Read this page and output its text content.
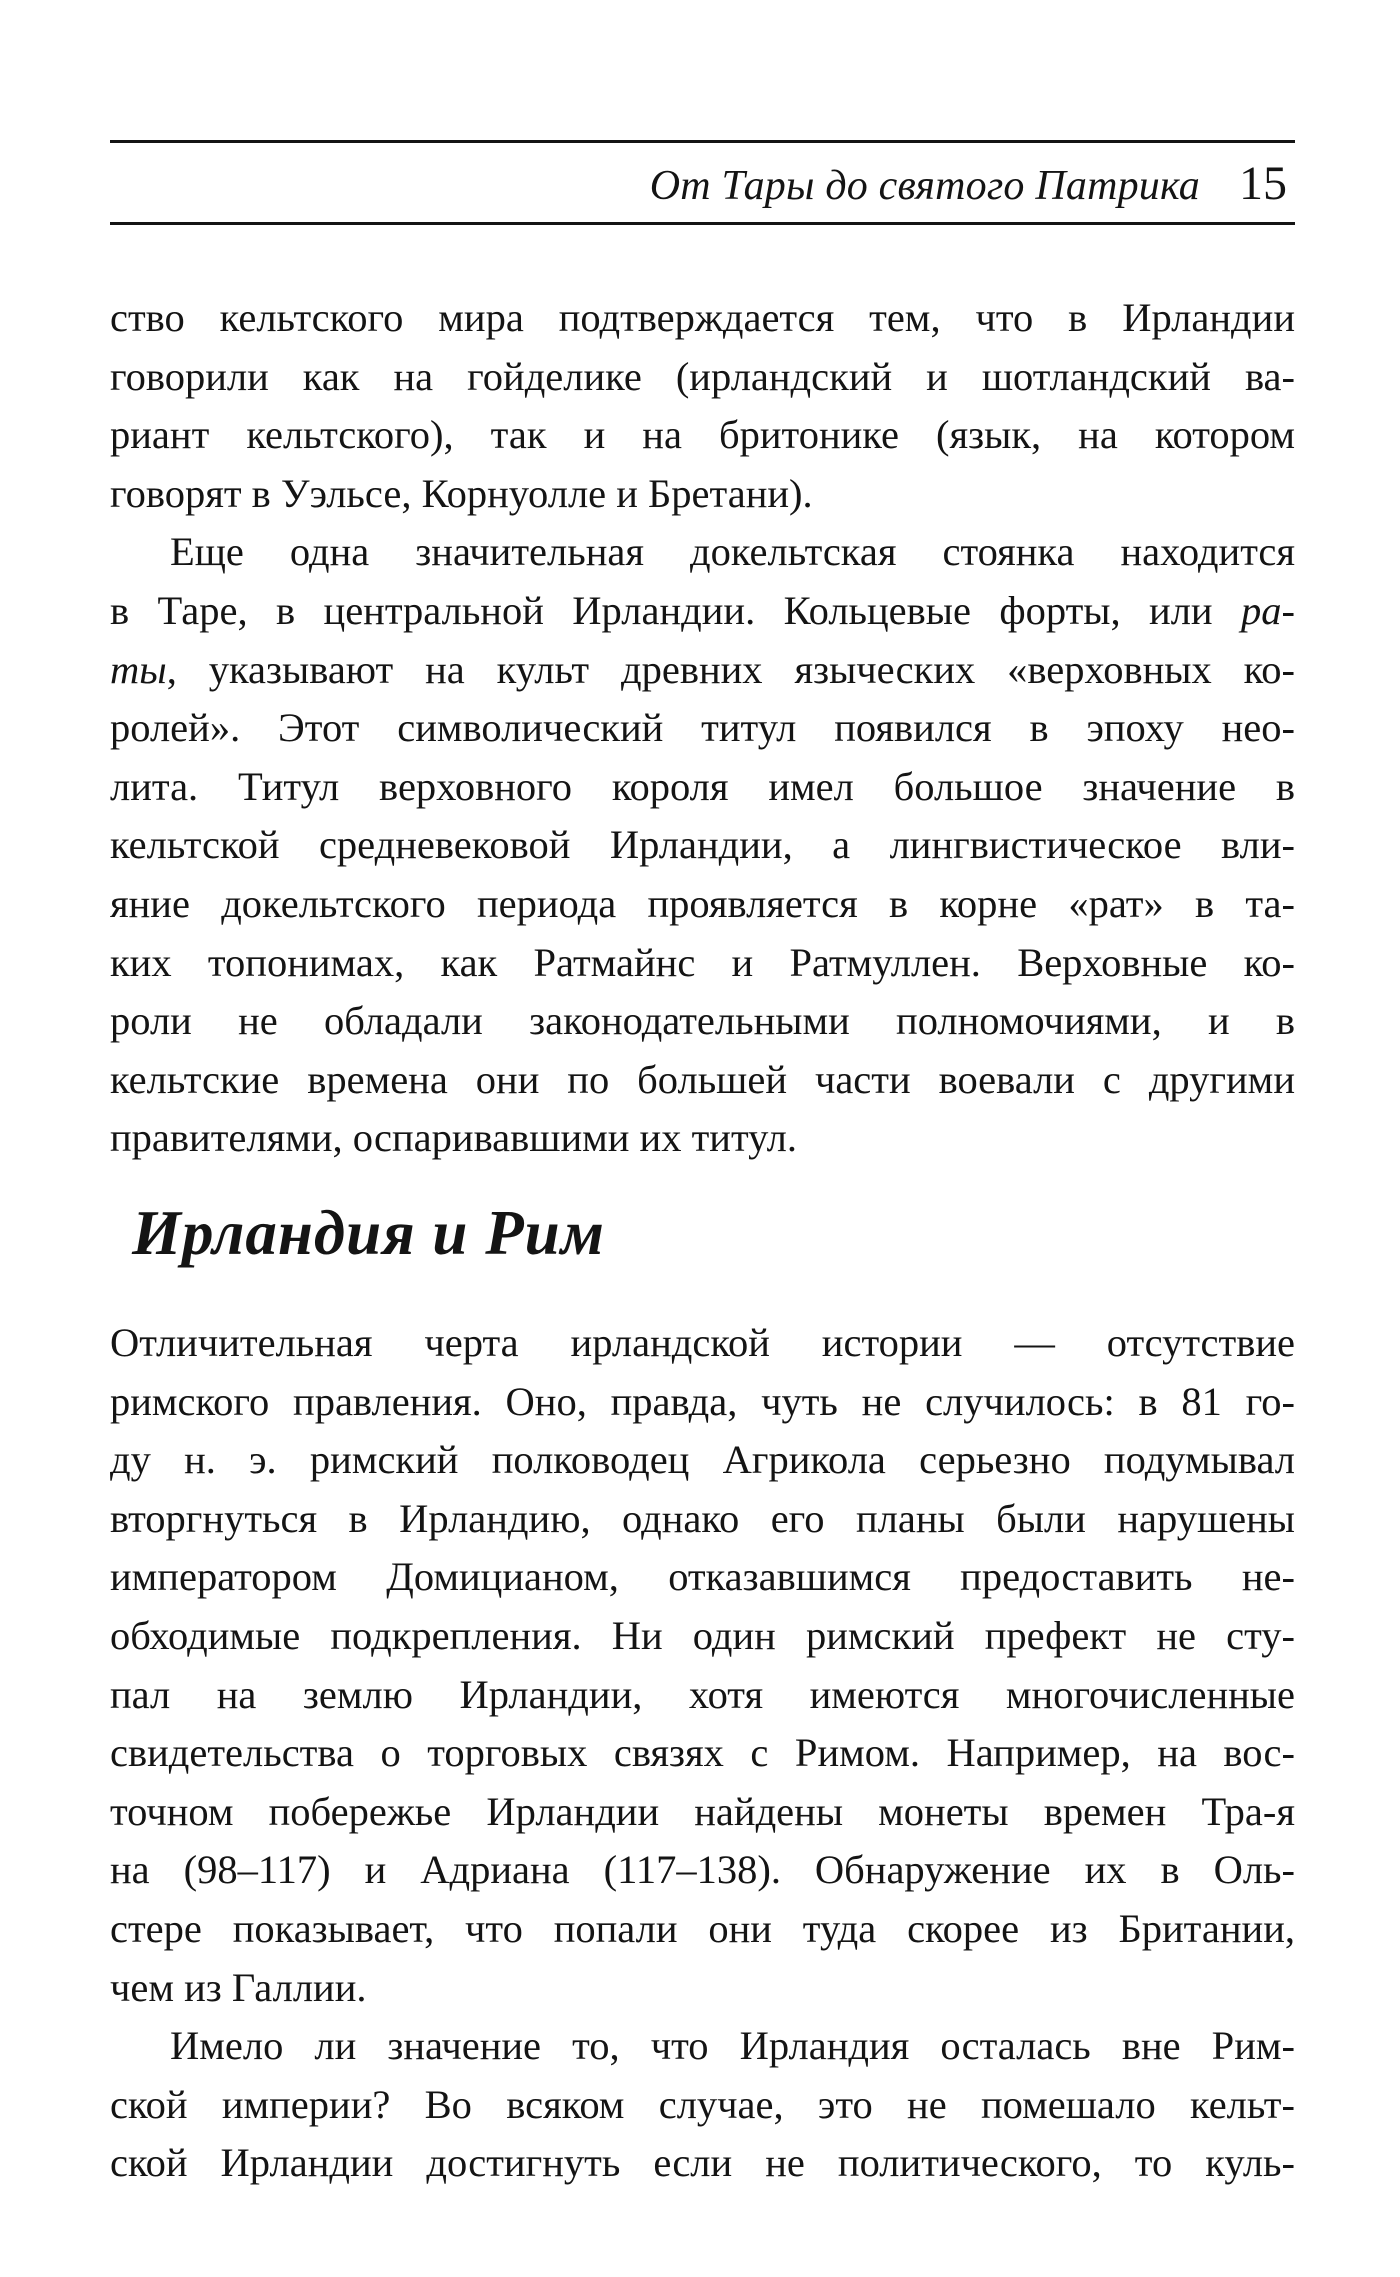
От Тары до святого Патрика 15

ство кельтского мира подтверждается тем, что в Ирландии
говорили как на гойделике (ирландский и шотландский ва-
риант кельтского), так и на бритонике (язык, на котором
говорят в Уэльсе, Корнуолле и Бретани).

Еще одна значительная докельтская стоянка находится
в Таре, в центральной Ирландии. Кольцевые форты, или ра-
ты, указывают на культ древних языческих «верховных ко-
ролей». Этот символический титул появился в эпоху нео-
лита. Титул верховного короля имел большое значение в
кельтской средневековой Ирландии, а лингвистическое вли-
яние докельтского периода проявляется в корне «рат» в та-
ких топонимах, как Ратмайнс и Ратмуллен. Верховные ко-
роли не обладали законодательными полномочиями, и в
кельтские времена они по большей части воевали с другими
правителями, оспаривавшими их титул.

Ирландия и Рим

Отличительная черта ирландской истории — отсутствие
римского правления. Оно, правда, чуть не случилось: в 81 го-
ду н. э. римский полководец Агрикола серьезно подумывал
вторгнуться в Ирландию, однако его планы были нарушены
императором Домицианом, отказавшимся предоставить не-
обходимые подкрепления. Ни один римский префект не сту-
пал на землю Ирландии, хотя имеются многочисленные
свидетельства о торговых связях с Римом. Например, на вос-
точном побережье Ирландии найдены монеты времен Тра-я
на (98–117) и Адриана (117–138). Обнаружение их в Оль-
стере показывает, что попали они туда скорее из Британии,
чем из Галлии.

Имело ли значение то, что Ирландия осталась вне Рим-
ской империи? Во всяком случае, это не помешало кельт-
ской Ирландии достигнуть если не политического, то куль-
